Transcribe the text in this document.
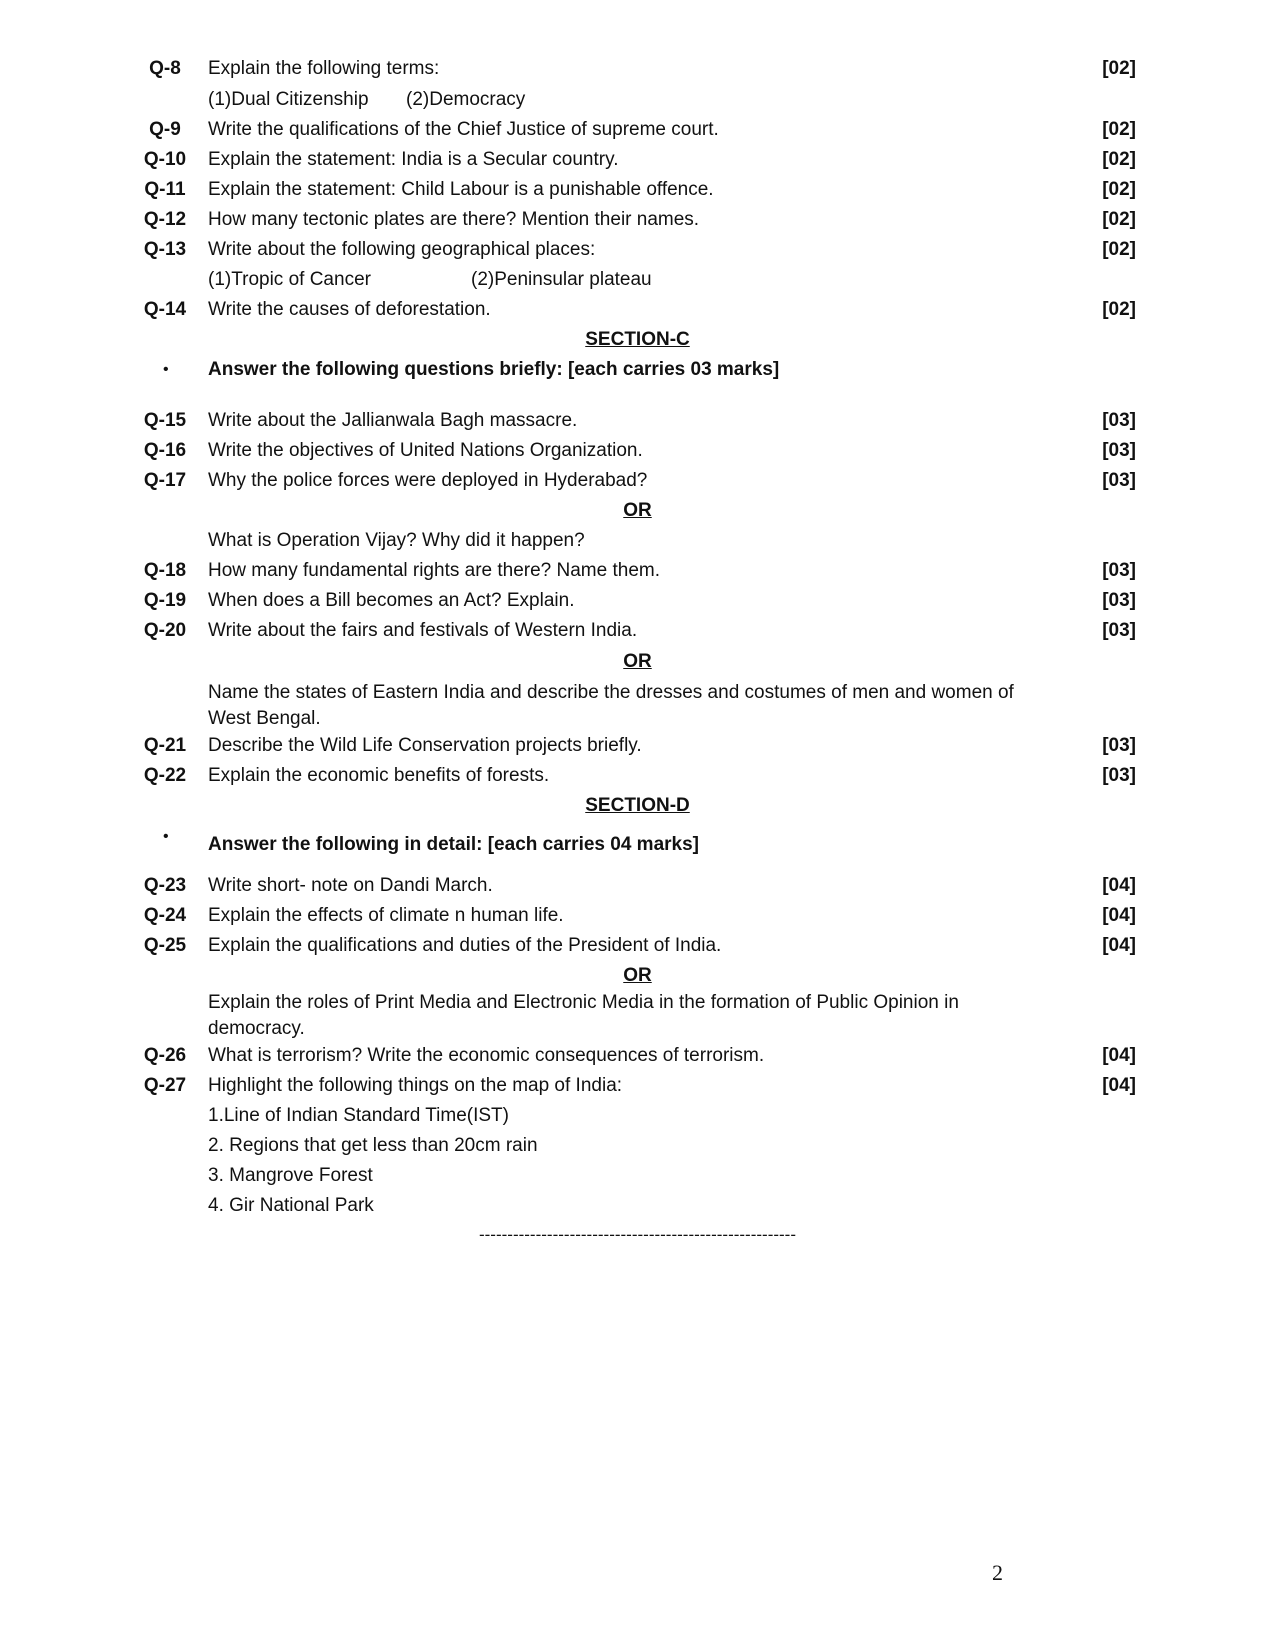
Q-8	Explain the following terms:	[02]
(1)Dual Citizenship (2)Democracy
Q-9	Write the qualifications of the Chief Justice of supreme court.	[02]
Q-10	Explain the statement: India is a Secular country.	[02]
Q-11	Explain the statement: Child Labour is a punishable offence.	[02]
Q-12	How many tectonic plates are there? Mention their names.	[02]
Q-13	Write about the following geographical places:	[02]
(1)Tropic of Cancer	(2)Peninsular plateau
Q-14	Write the causes of deforestation.	[02]
SECTION-C
• Answer the following questions briefly: [each carries 03 marks]
Q-15	Write about the Jallianwala Bagh massacre.	[03]
Q-16	Write the objectives of United Nations Organization.	[03]
Q-17	Why the police forces were deployed in Hyderabad?	[03]
OR
What is Operation Vijay? Why did it happen?
Q-18	How many fundamental rights are there? Name them.	[03]
Q-19	When does a Bill becomes an Act? Explain.	[03]
Q-20	Write about the fairs and festivals of Western India.	[03]
OR
Name the states of Eastern India and describe the dresses and costumes of men and women of West Bengal.
Q-21	Describe the Wild Life Conservation projects briefly.	[03]
Q-22	Explain the economic benefits of forests.	[03]
SECTION-D
• Answer the following in detail: [each carries 04 marks]
Q-23	Write short- note on Dandi March.	[04]
Q-24	Explain the effects of climate n human life.	[04]
Q-25	Explain the qualifications and duties of the President of India.	[04]
OR
Explain the roles of Print Media and Electronic Media in the formation of Public Opinion in democracy.
Q-26	What is terrorism? Write the economic consequences of terrorism.	[04]
Q-27	Highlight the following things on the map of India:	[04]
1.Line of Indian Standard Time(IST)
2. Regions that get less than 20cm rain
3. Mangrove Forest
4. Gir National Park
--------------------------------------------------------
2
